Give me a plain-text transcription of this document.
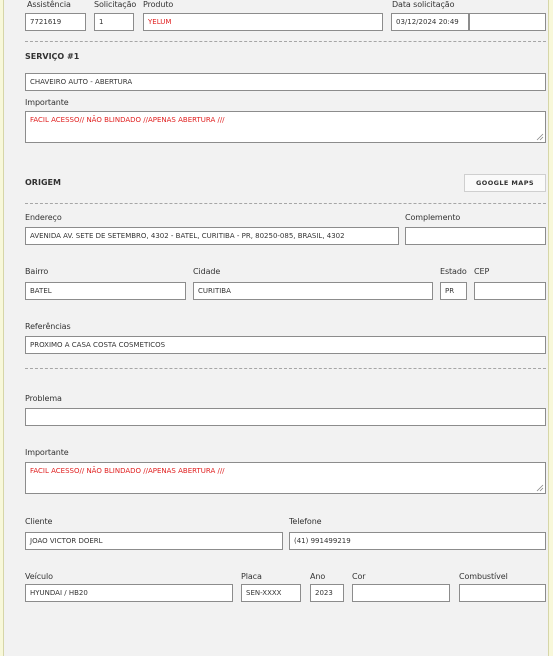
Assistência
7721619
Solicitação
1
Produto
YELUM
Data solicitação
03/12/2024 20:49
SERVIÇO #1
CHAVEIRO AUTO - ABERTURA
Importante
FACIL ACESSO// NÃO BLINDADO //APENAS ABERTURA ///
ORIGEM	GOOGLE MAPS
Endereço
AVENIDA AV. SETE DE SETEMBRO, 4302 - BATEL, CURITIBA - PR, 80250-085, BRASIL, 4302
Complemento
Bairro
BATEL
Cidade
CURITIBA
Estado
PR
CEP
Referências
PROXIMO A CASA COSTA COSMETICOS
Problema
Importante
FACIL ACESSO// NÃO BLINDADO //APENAS ABERTURA ///
Cliente
JOAO VICTOR DOERL
Telefone
(41) 991499219
Veículo
HYUNDAI / HB20
Placa
SEN-XXXX
Ano
2023
Cor	Combustível
